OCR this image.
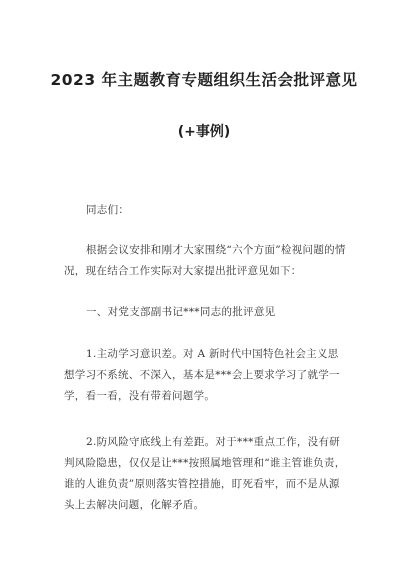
2023 年主题教育专题组织生活会批评意见
(+事例)
同志们：
根据会议安排和刚才大家围绕“六个方面”检视问题的情况，现在结合工作实际对大家提出批评意见如下：
一、对党支部副书记***同志的批评意见
1.主动学习意识差。对 A 新时代中国特色社会主义思想学习不系统、不深入，基本是***会上要求学习了就学一学，看一看，没有带着问题学。
2.防风险守底线上有差距。对于***重点工作，没有研判风险隐患，仅仅是让***按照属地管理和“谁主管谁负责，谁的人谁负责”原则落实管控措施，盯死看牢，而不是从源头上去解决问题，化解矛盾。
